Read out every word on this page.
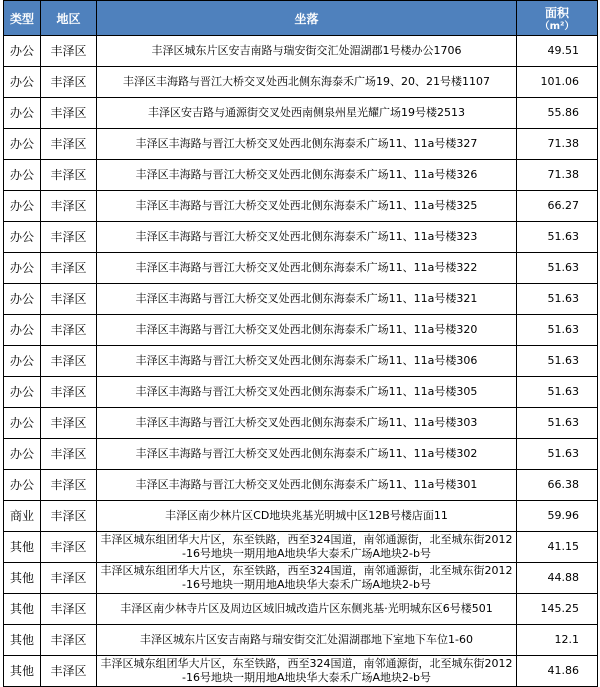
类型	地区	坐落	面积
（m²）

办公	丰泽区	丰泽区城东片区安吉南路与瑞安街交汇处湄湖郡1号楼办公1706	49.51
办公	丰泽区	丰泽区丰海路与晋江大桥交叉处西北侧东海泰禾广场19、20、21号楼1107	101.06
办公	丰泽区	丰泽区安吉路与通源街交叉处西南侧泉州星光耀广场19号楼2513	55.86
办公	丰泽区	丰泽区丰海路与晋江大桥交叉处西北侧东海泰禾广场11、11a号楼327	71.38
办公	丰泽区	丰泽区丰海路与晋江大桥交叉处西北侧东海泰禾广场11、11a号楼326	71.38
办公	丰泽区	丰泽区丰海路与晋江大桥交叉处西北侧东海泰禾广场11、11a号楼325	66.27
办公	丰泽区	丰泽区丰海路与晋江大桥交叉处西北侧东海泰禾广场11、11a号楼323	51.63
办公	丰泽区	丰泽区丰海路与晋江大桥交叉处西北侧东海泰禾广场11、11a号楼322	51.63
办公	丰泽区	丰泽区丰海路与晋江大桥交叉处西北侧东海泰禾广场11、11a号楼321	51.63
办公	丰泽区	丰泽区丰海路与晋江大桥交叉处西北侧东海泰禾广场11、11a号楼320	51.63
办公	丰泽区	丰泽区丰海路与晋江大桥交叉处西北侧东海泰禾广场11、11a号楼306	51.63
办公	丰泽区	丰泽区丰海路与晋江大桥交叉处西北侧东海泰禾广场11、11a号楼305	51.63
办公	丰泽区	丰泽区丰海路与晋江大桥交叉处西北侧东海泰禾广场11、11a号楼303	51.63
办公	丰泽区	丰泽区丰海路与晋江大桥交叉处西北侧东海泰禾广场11、11a号楼302	51.63
办公	丰泽区	丰泽区丰海路与晋江大桥交叉处西北侧东海泰禾广场11、11a号楼301	66.38
商业	丰泽区	丰泽区南少林片区CD地块兆基光明城中区12B号楼店面11	59.96
其他	丰泽区	丰泽区城东组团华大片区，东至铁路，西至324国道，南邻通源街，北至城东街2012-16号地块一期用地A地块华大泰禾广场A地块2-b号	41.15
其他	丰泽区	丰泽区城东组团华大片区，东至铁路，西至324国道，南邻通源街，北至城东街2012-16号地块一期用地A地块华大泰禾广场A地块2-b号	44.88
其他	丰泽区	丰泽区南少林寺片区及周边区域旧城改造片区东侧兆基·光明城东区6号楼501	145.25
其他	丰泽区	丰泽区城东片区安吉南路与瑞安街交汇处湄湖郡地下室地下车位1-60	12.1
其他	丰泽区	丰泽区城东组团华大片区，东至铁路，西至324国道，南邻通源街，北至城东街2012-16号地块一期用地A地块华大泰禾广场A地块2-b号	41.86
